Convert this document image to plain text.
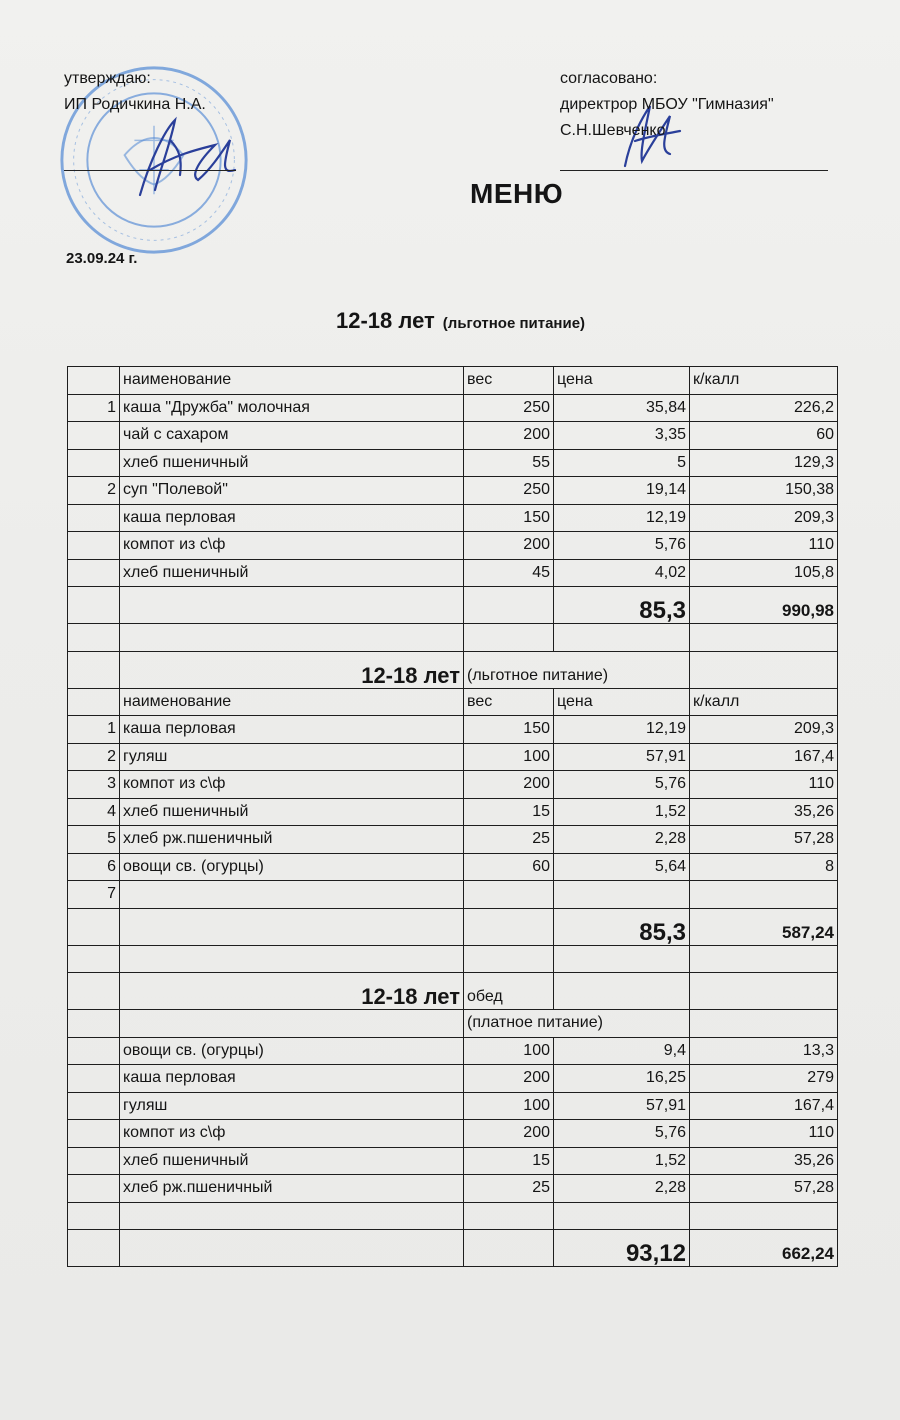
утверждаю:
ИП Родичкина Н.А.
согласовано:
директрор МБОУ "Гимназия"
С.Н.Шевченко
МЕНЮ
23.09.24 г.
12-18 лет (льготное питание)
	наименование	вес	цена	к/калл
1	каша "Дружба" молочная	250	35,84	226,2
	чай с сахаром	200	3,35	60
	хлеб пшеничный	55	5	129,3
2	суп "Полевой"	250	19,14	150,38
	каша перловая	150	12,19	209,3
	компот из с\ф	200	5,76	110
	хлеб пшеничный	45	4,02	105,8
			85,3	990,98

	12-18 лет	(льготное питание)		
	наименование	вес	цена	к/калл
1	каша перловая	150	12,19	209,3
2	гуляш	100	57,91	167,4
3	компот из с\ф	200	5,76	110
4	хлеб пшеничный	15	1,52	35,26
5	хлеб рж.пшеничный	25	2,28	57,28
6	овощи св. (огурцы)	60	5,64	8
7				
			85,3	587,24

	12-18 лет	обед		
		(платное питание)		
	овощи св. (огурцы)	100	9,4	13,3
	каша перловая	200	16,25	279
	гуляш	100	57,91	167,4
	компот из с\ф	200	5,76	110
	хлеб пшеничный	15	1,52	35,26
	хлеб рж.пшеничный	25	2,28	57,28

			93,12	662,24
